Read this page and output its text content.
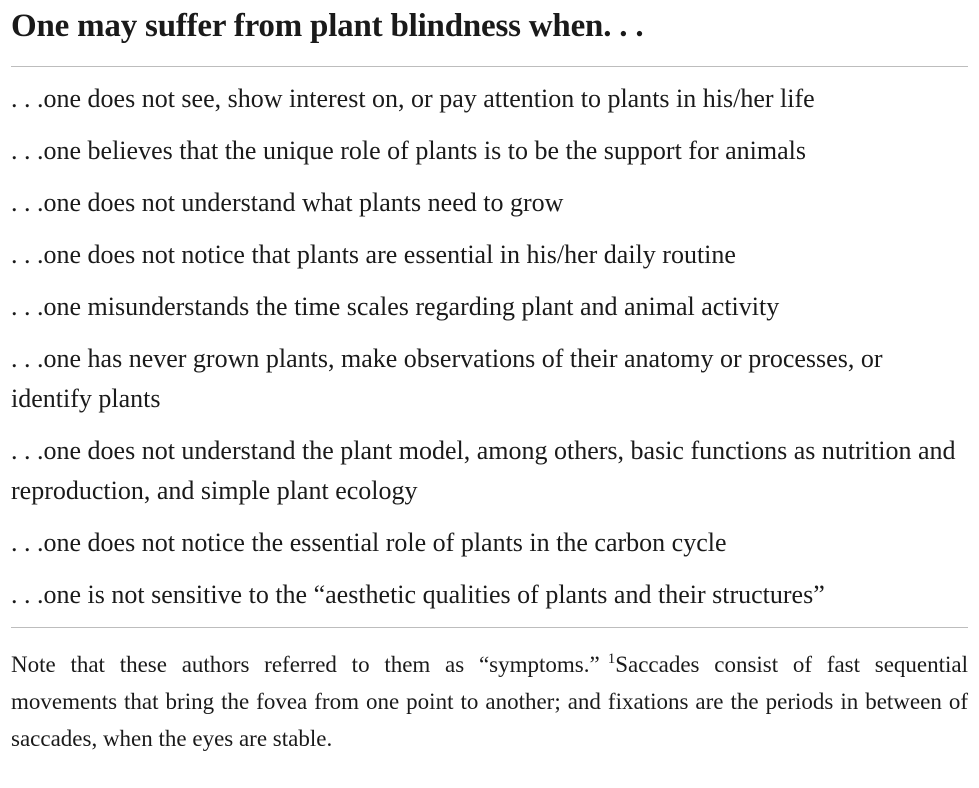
One may suffer from plant blindness when. . .
. . .one does not see, show interest on, or pay attention to plants in his/her life
. . .one believes that the unique role of plants is to be the support for animals
. . .one does not understand what plants need to grow
. . .one does not notice that plants are essential in his/her daily routine
. . .one misunderstands the time scales regarding plant and animal activity
. . .one has never grown plants, make observations of their anatomy or processes, or identify plants
. . .one does not understand the plant model, among others, basic functions as nutrition and reproduction, and simple plant ecology
. . .one does not notice the essential role of plants in the carbon cycle
. . .one is not sensitive to the “aesthetic qualities of plants and their structures”

Note that these authors referred to them as “symptoms.” $^1$Saccades consist of fast sequential movements that bring the fovea from one point to another; and fixations are the periods in between of saccades, when the eyes are stable.
